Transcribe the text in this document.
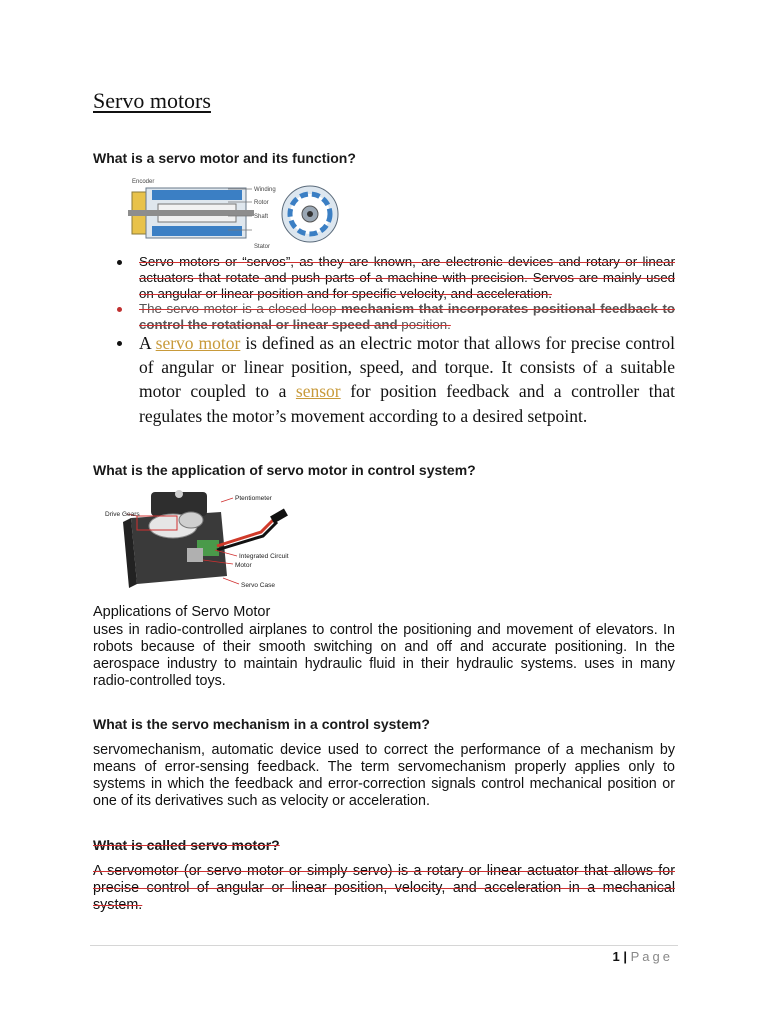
Servo motors
What is a servo motor and its function?
Encoder
Winding
Rotor
Shaft
Stator
Servo motors or “servos”, as they are known, are electronic devices and rotary or linear actuators that rotate and push parts of a machine with precision. Servos are mainly used on angular or linear position and for specific velocity, and acceleration.
The servo motor is a closed-loop mechanism that incorporates positional feedback to control the rotational or linear speed and position.
A servo motor is defined as an electric motor that allows for precise control of angular or linear position, speed, and torque. It consists of a suitable motor coupled to a sensor for position feedback and a controller that regulates the motor’s movement according to a desired setpoint.
What is the application of servo motor in control system?
Drive Gears
Ptentiometer
Integrated Circuit
Motor
Servo Case
Applications of Servo Motor
uses in radio-controlled airplanes to control the positioning and movement of elevators. In robots because of their smooth switching on and off and accurate positioning. In the aerospace industry to maintain hydraulic fluid in their hydraulic systems. uses in many radio-controlled toys.
What is the servo mechanism in a control system?
servomechanism, automatic device used to correct the performance of a mechanism by means of error-sensing feedback. The term servomechanism properly applies only to systems in which the feedback and error-correction signals control mechanical position or one of its derivatives such as velocity or acceleration.
What is called servo motor?
A servomotor (or servo motor or simply servo) is a rotary or linear actuator that allows for precise control of angular or linear position, velocity, and acceleration in a mechanical system.
1 | Page
